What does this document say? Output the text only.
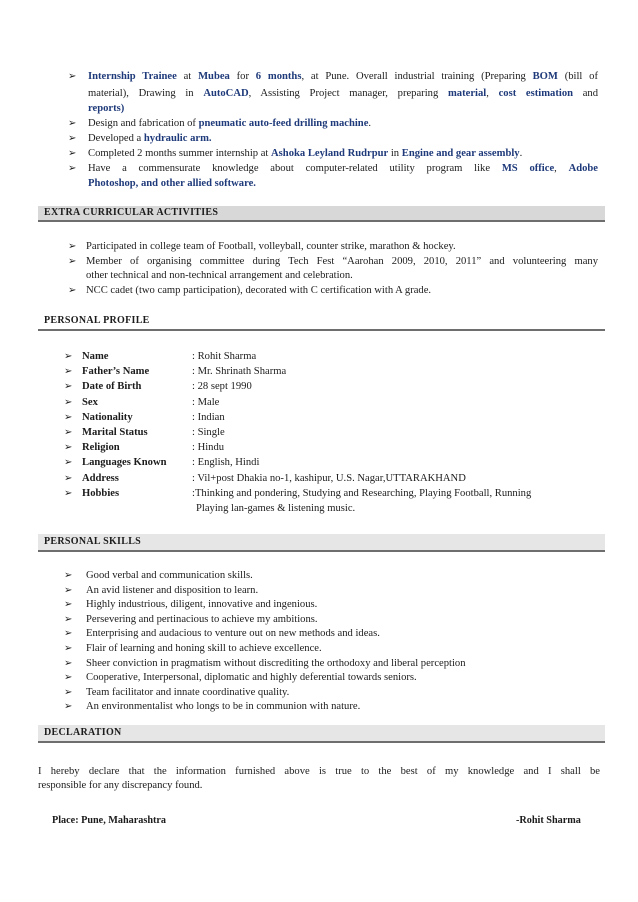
➢ Internship Trainee at Mubea for 6 months, at Pune. Overall industrial training (Preparing BOM (bill of
material), Drawing in AutoCAD, Assisting Project manager, preparing material, cost estimation and
reports)
➢ Design and fabrication of pneumatic auto-feed drilling machine.
➢ Developed a hydraulic arm.
➢ Completed 2 months summer internship at Ashoka Leyland Rudrpur in Engine and gear assembly.
➢ Have a commensurate knowledge about computer-related utility program like MS office, Adobe
Photoshop, and other allied software.
EXTRA CURRICULAR ACTIVITIES
➢ Participated in college team of Football, volleyball, counter strike, marathon & hockey.
➢ Member of organising committee during Tech Fest “Aarohan 2009, 2010, 2011” and volunteering many
other technical and non-technical arrangement and celebration.
➢ NCC cadet (two camp participation), decorated with C certification with A grade.
PERSONAL PROFILE
➢ Name	: Rohit Sharma
➢ Father’s Name	: Mr. Shrinath Sharma
➢ Date of Birth	: 28 sept 1990
➢ Sex	: Male
➢ Nationality	: Indian
➢ Marital Status	: Single
➢ Religion	: Hindu
➢ Languages Known : English, Hindi
➢ Address	: Vil+post Dhakia no-1, kashipur, U.S. Nagar,UTTARAKHAND
➢ Hobbies	:Thinking and pondering, Studying and Researching, Playing Football, Running
Playing lan-games & listening music.
PERSONAL SKILLS
➢ Good verbal and communication skills.
➢ An avid listener and disposition to learn.
➢ Highly industrious, diligent, innovative and ingenious.
➢ Persevering and pertinacious to achieve my ambitions.
➢ Enterprising and audacious to venture out on new methods and ideas.
➢ Flair of learning and honing skill to achieve excellence.
➢ Sheer conviction in pragmatism without discrediting the orthodoxy and liberal perception
➢ Cooperative, Interpersonal, diplomatic and highly deferential towards seniors.
➢ Team facilitator and innate coordinative quality.
➢ An environmentalist who longs to be in communion with nature.
DECLARATION
I hereby declare that the information furnished above is true to the best of my knowledge and I shall be
responsible for any discrepancy found.
Place: Pune, Maharashtra	-Rohit Sharma
